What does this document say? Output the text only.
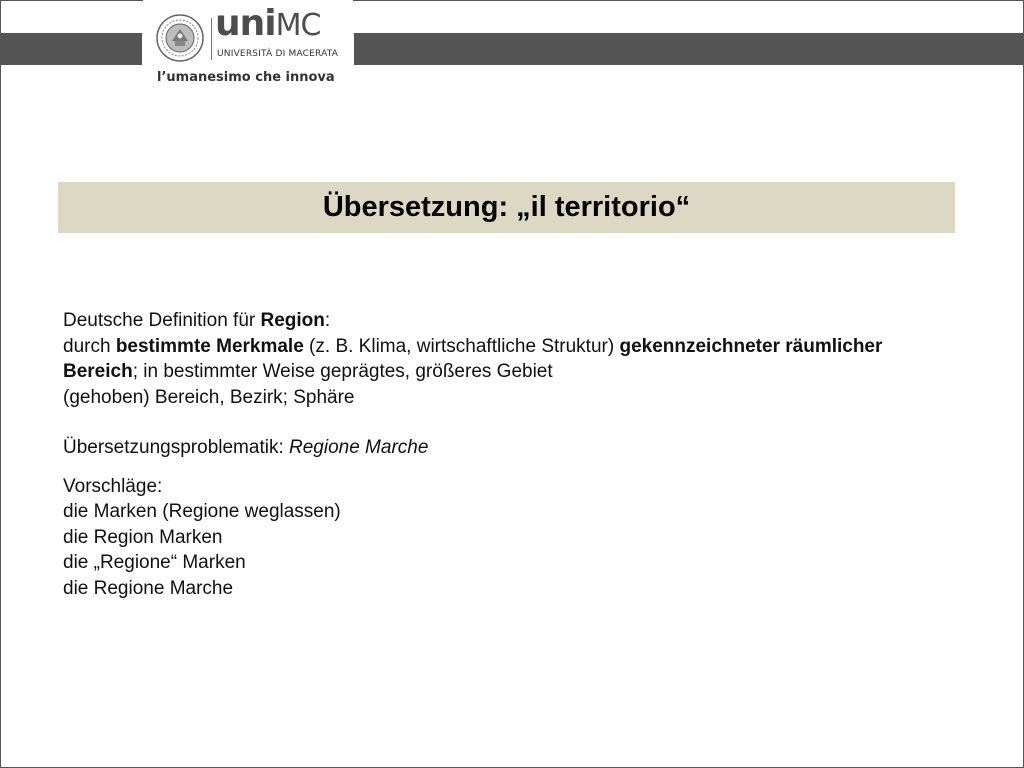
uniMC
UNIVERSITÀ DI MACERATA
l’umanesimo che innova
Übersetzung: „il territorio“
Deutsche Definition für Region:
durch bestimmte Merkmale (z. B. Klima, wirtschaftliche Struktur) gekennzeichneter räumlicher
Bereich; in bestimmter Weise geprägtes, größeres Gebiet
(gehoben) Bereich, Bezirk; Sphäre
Übersetzungsproblematik: Regione Marche
Vorschläge:
die Marken (Regione weglassen)
die Region Marken
die „Regione“ Marken
die Regione Marche
